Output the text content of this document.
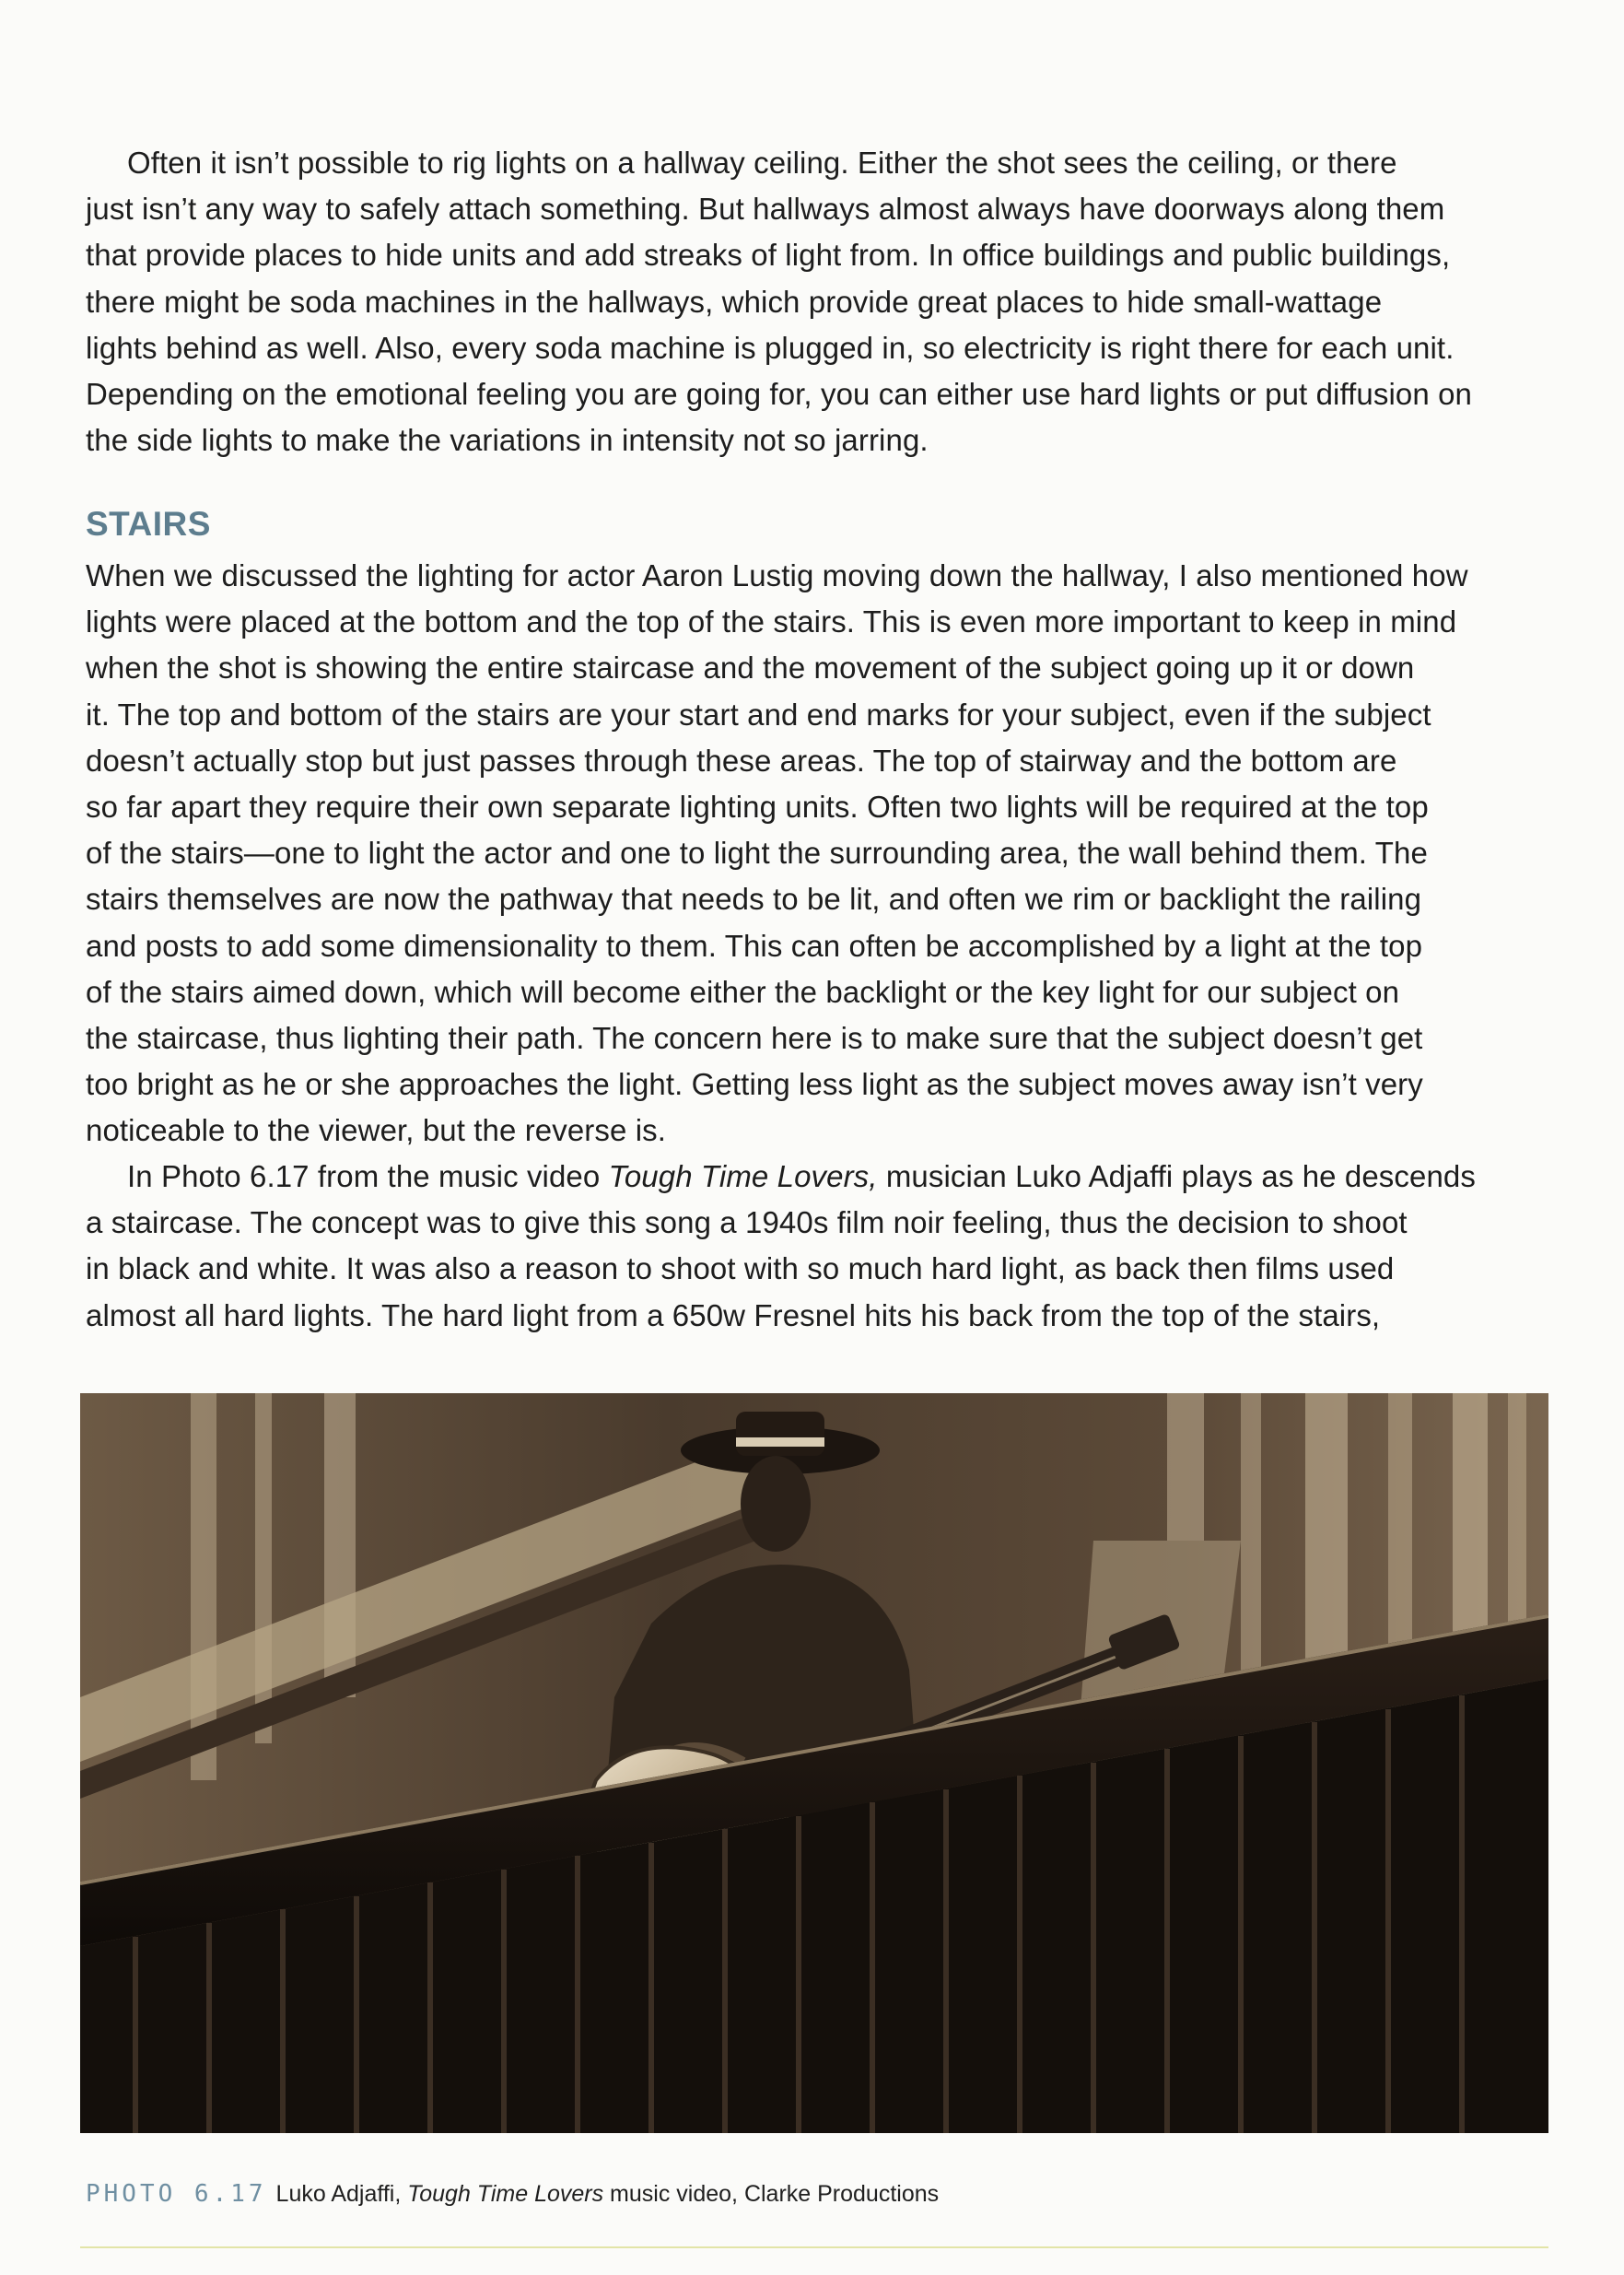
Often it isn’t possible to rig lights on a hallway ceiling. Either the shot sees the ceiling, or there
just isn’t any way to safely attach something. But hallways almost always have doorways along them
that provide places to hide units and add streaks of light from. In office buildings and public buildings,
there might be soda machines in the hallways, which provide great places to hide small-wattage
lights behind as well. Also, every soda machine is plugged in, so electricity is right there for each unit.
Depending on the emotional feeling you are going for, you can either use hard lights or put diffusion on
the side lights to make the variations in intensity not so jarring.

STAIRS

When we discussed the lighting for actor Aaron Lustig moving down the hallway, I also mentioned how
lights were placed at the bottom and the top of the stairs. This is even more important to keep in mind
when the shot is showing the entire staircase and the movement of the subject going up it or down
it. The top and bottom of the stairs are your start and end marks for your subject, even if the subject
doesn’t actually stop but just passes through these areas. The top of stairway and the bottom are
so far apart they require their own separate lighting units. Often two lights will be required at the top
of the stairs—one to light the actor and one to light the surrounding area, the wall behind them. The
stairs themselves are now the pathway that needs to be lit, and often we rim or backlight the railing
and posts to add some dimensionality to them. This can often be accomplished by a light at the top
of the stairs aimed down, which will become either the backlight or the key light for our subject on
the staircase, thus lighting their path. The concern here is to make sure that the subject doesn’t get
too bright as he or she approaches the light. Getting less light as the subject moves away isn’t very
noticeable to the viewer, but the reverse is.

In Photo 6.17 from the music video Tough Time Lovers, musician Luko Adjaffi plays as he descends
a staircase. The concept was to give this song a 1940s film noir feeling, thus the decision to shoot
in black and white. It was also a reason to shoot with so much hard light, as back then films used
almost all hard lights. The hard light from a 650w Fresnel hits his back from the top of the stairs,

PHOTO 6.17 Luko Adjaffi, Tough Time Lovers music video, Clarke Productions
